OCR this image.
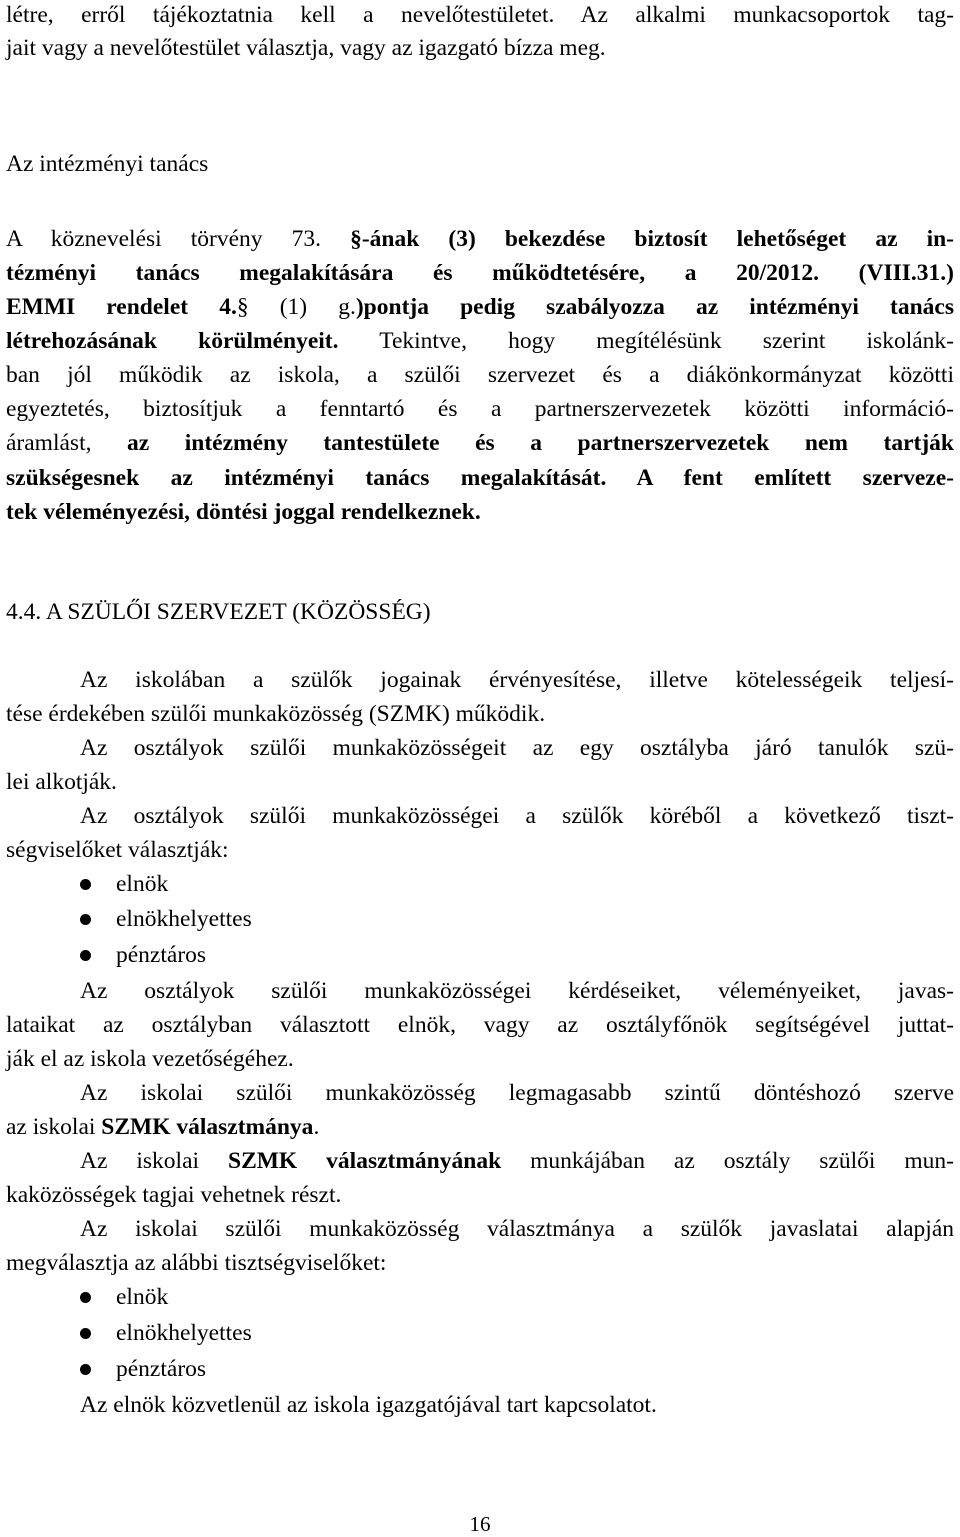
létre, erről tájékoztatnia kell a nevelőtestületet. Az alkalmi munkacsoportok tag-
jait vagy a nevelőtestület választja, vagy az igazgató bízza meg.
Az intézményi tanács
A köznevelési törvény 73. §-ának (3) bekezdése biztosít lehetőséget az in-
tézményi tanács megalakítására és működtetésére, a 20/2012. (VIII.31.)
EMMI rendelet 4.§ (1) g.)pontja pedig szabályozza az intézményi tanács
létrehozásának körülményeit. Tekintve, hogy megítélésünk szerint iskolánk-
ban jól működik az iskola, a szülői szervezet és a diákönkormányzat közötti
egyeztetés, biztosítjuk a fenntartó és a partnerszervezetek közötti információ-
áramlást, az intézmény tantestülete és a partnerszervezetek nem tartják
szükségesnek az intézményi tanács megalakítását. A fent említett szerveze-
tek véleményezési, döntési joggal rendelkeznek.
4.4. A SZÜLŐI SZERVEZET (KÖZÖSSÉG)
Az iskolában a szülők jogainak érvényesítése, illetve kötelességeik teljesí-
tése érdekében szülői munkaközösség (SZMK) működik.
Az osztályok szülői munkaközösségeit az egy osztályba járó tanulók szü-
lei alkotják.
Az osztályok szülői munkaközösségei a szülők köréből a következő tiszt-
ségviselőket választják:
elnök
elnökhelyettes
pénztáros
Az osztályok szülői munkaközösségei kérdéseiket, véleményeiket, javas-
lataikat az osztályban választott elnök, vagy az osztályfőnök segítségével juttat-
ják el az iskola vezetőségéhez.
Az iskolai szülői munkaközösség legmagasabb szintű döntéshozó szerve
az iskolai SZMK választmánya.
Az iskolai SZMK választmányának munkájában az osztály szülői mun-
kaközösségek tagjai vehetnek részt.
Az iskolai szülői munkaközösség választmánya a szülők javaslatai alapján
megválasztja az alábbi tisztségviselőket:
elnök
elnökhelyettes
pénztáros
Az elnök közvetlenül az iskola igazgatójával tart kapcsolatot.
16
